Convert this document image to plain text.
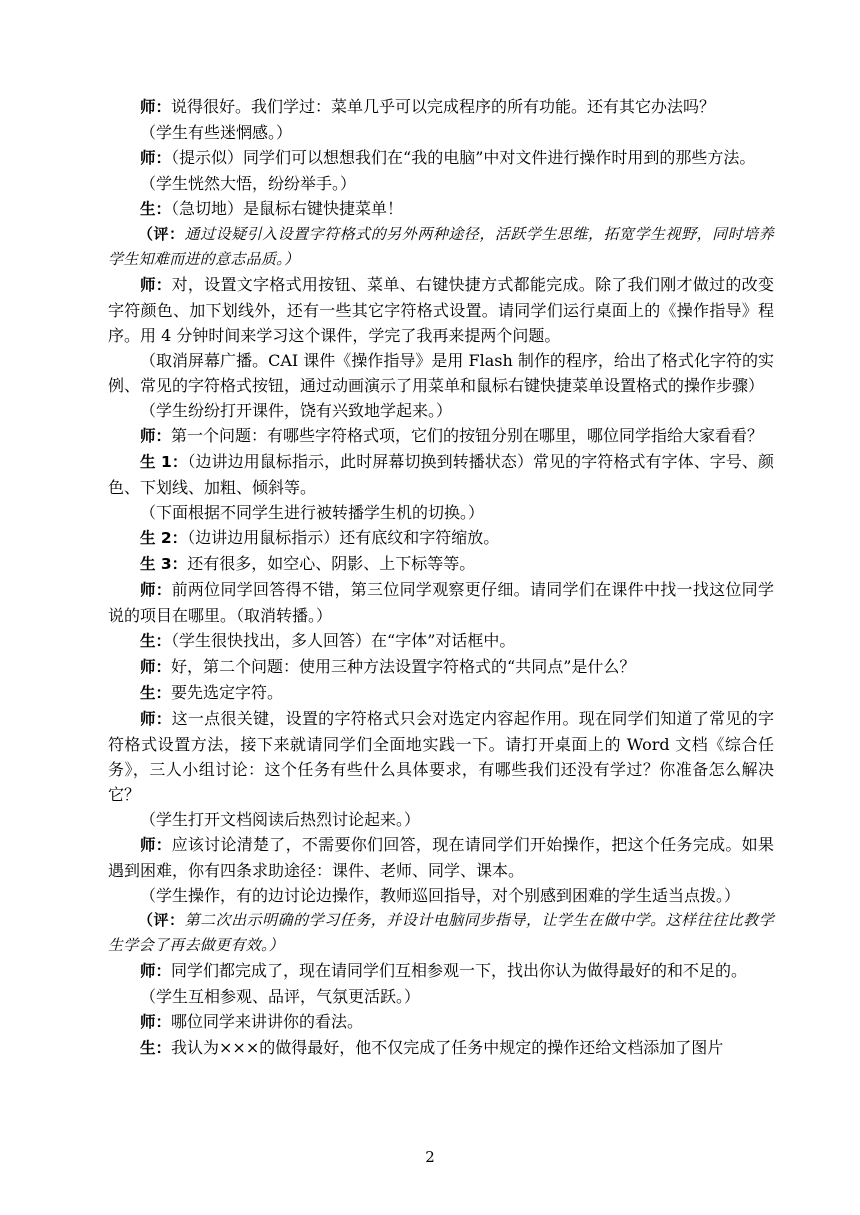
师：说得很好。我们学过：菜单几乎可以完成程序的所有功能。还有其它办法吗？

（学生有些迷惘感。）

师：（提示似）同学们可以想想我们在“我的电脑”中对文件进行操作时用到的那些方法。

（学生恍然大悟，纷纷举手。）

生：（急切地）是鼠标右键快捷菜单！

（评：通过设疑引入设置字符格式的另外两种途径，活跃学生思维，拓宽学生视野，同时培养学生知难而进的意志品质。）

师：对，设置文字格式用按钮、菜单、右键快捷方式都能完成。除了我们刚才做过的改变字符颜色、加下划线外，还有一些其它字符格式设置。请同学们运行桌面上的《操作指导》程序。用 4 分钟时间来学习这个课件，学完了我再来提两个问题。

（取消屏幕广播。CAI 课件《操作指导》是用 Flash 制作的程序，给出了格式化字符的实例、常见的字符格式按钮，通过动画演示了用菜单和鼠标右键快捷菜单设置格式的操作步骤）

（学生纷纷打开课件，饶有兴致地学起来。）

师：第一个问题：有哪些字符格式项，它们的按钮分别在哪里，哪位同学指给大家看看？

生 1：（边讲边用鼠标指示，此时屏幕切换到转播状态）常见的字符格式有字体、字号、颜色、下划线、加粗、倾斜等。

（下面根据不同学生进行被转播学生机的切换。）

生 2：（边讲边用鼠标指示）还有底纹和字符缩放。

生 3：还有很多，如空心、阴影、上下标等等。

师：前两位同学回答得不错，第三位同学观察更仔细。请同学们在课件中找一找这位同学说的项目在哪里。（取消转播。）

生：（学生很快找出，多人回答）在“字体”对话框中。

师：好，第二个问题：使用三种方法设置字符格式的“共同点”是什么？

生：要先选定字符。

师：这一点很关键，设置的字符格式只会对选定内容起作用。现在同学们知道了常见的字符格式设置方法，接下来就请同学们全面地实践一下。请打开桌面上的 Word 文档《综合任务》，三人小组讨论：这个任务有些什么具体要求，有哪些我们还没有学过？你准备怎么解决它？

（学生打开文档阅读后热烈讨论起来。）

师：应该讨论清楚了，不需要你们回答，现在请同学们开始操作，把这个任务完成。如果遇到困难，你有四条求助途径：课件、老师、同学、课本。

（学生操作，有的边讨论边操作，教师巡回指导，对个别感到困难的学生适当点拨。）

（评：第二次出示明确的学习任务，并设计电脑同步指导，让学生在做中学。这样往往比教学生学会了再去做更有效。）

师：同学们都完成了，现在请同学们互相参观一下，找出你认为做得最好的和不足的。

（学生互相参观、品评，气氛更活跃。）

师：哪位同学来讲讲你的看法。

生：我认为×××的做得最好，他不仅完成了任务中规定的操作还给文档添加了图片

2
